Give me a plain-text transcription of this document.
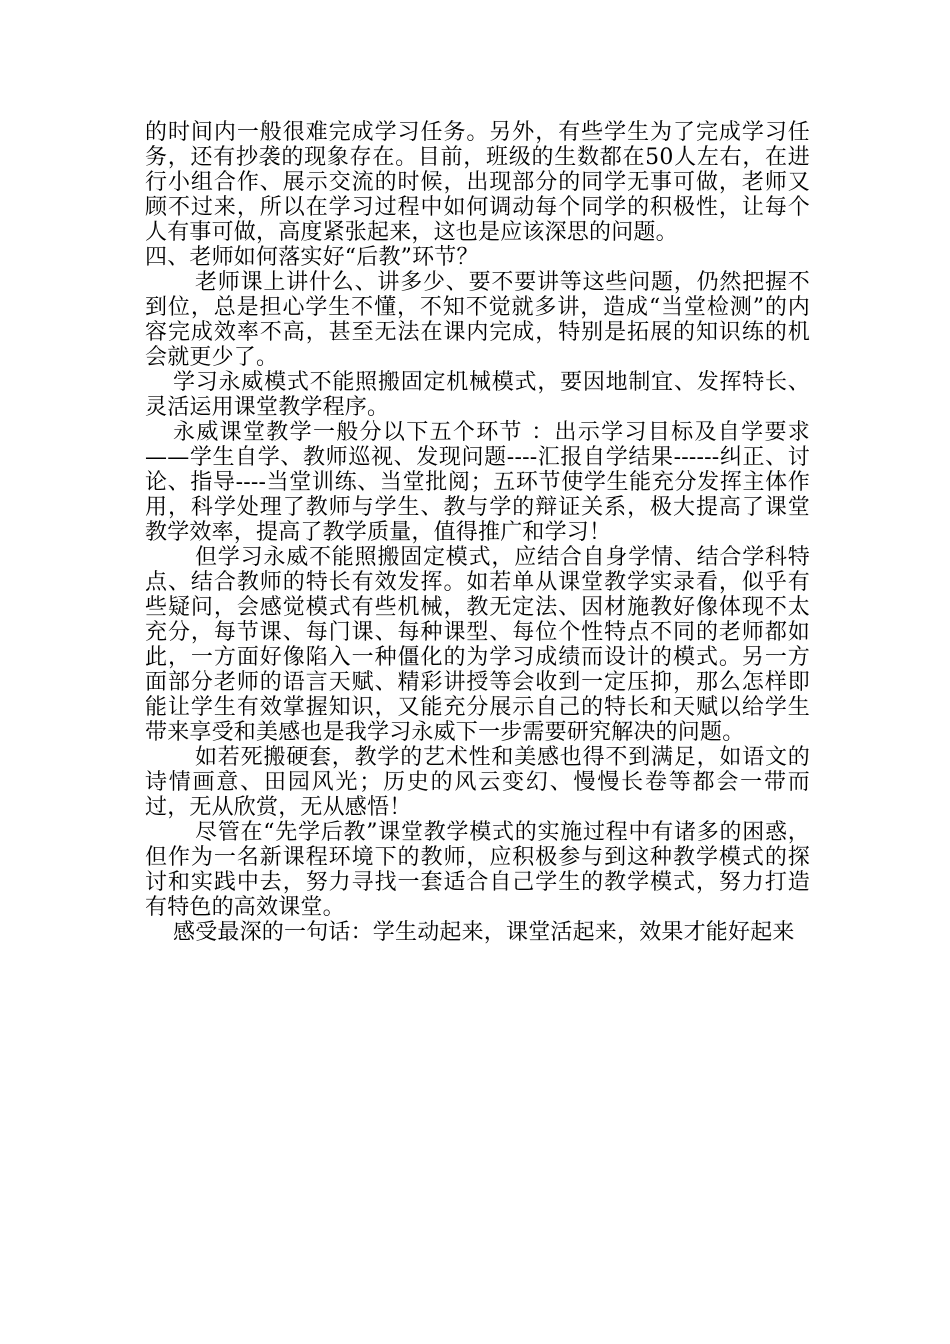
的时间内一般很难完成学习任务。另外，有些学生为了完成学习任务，还有抄袭的现象存在。目前，班级的生数都在50人左右，在进行小组合作、展示交流的时候，出现部分的同学无事可做，老师又顾不过来，所以在学习过程中如何调动每个同学的积极性，让每个人有事可做，高度紧张起来，这也是应该深思的问题。

四、老师如何落实好“后教”环节？

老师课上讲什么、讲多少、要不要讲等这些问题，仍然把握不到位，总是担心学生不懂，不知不觉就多讲，造成“当堂检测”的内容完成效率不高，甚至无法在课内完成，特别是拓展的知识练的机会就更少了。

学习永威模式不能照搬固定机械模式，要因地制宜、发挥特长、灵活运用课堂教学程序。

永威课堂教学一般分以下五个环节 ：出示学习目标及自学要求——学生自学、教师巡视、发现问题----汇报自学结果------纠正、讨论、指导----当堂训练、当堂批阅；五环节使学生能充分发挥主体作用，科学处理了教师与学生、教与学的辩证关系，极大提高了课堂教学效率，提高了教学质量，值得推广和学习！

但学习永威不能照搬固定模式，应结合自身学情、结合学科特点、结合教师的特长有效发挥。如若单从课堂教学实录看，似乎有些疑问，会感觉模式有些机械，教无定法、因材施教好像体现不太充分，每节课、每门课、每种课型、每位个性特点不同的老师都如此，一方面好像陷入一种僵化的为学习成绩而设计的模式。另一方面部分老师的语言天赋、精彩讲授等会收到一定压抑，那么怎样即能让学生有效掌握知识，又能充分展示自己的特长和天赋以给学生带来享受和美感也是我学习永威下一步需要研究解决的问题。

如若死搬硬套，教学的艺术性和美感也得不到满足，如语文的诗情画意、田园风光；历史的风云变幻、慢慢长卷等都会一带而过，无从欣赏，无从感悟！

尽管在“先学后教”课堂教学模式的实施过程中有诸多的困惑，但作为一名新课程环境下的教师，应积极参与到这种教学模式的探讨和实践中去，努力寻找一套适合自己学生的教学模式，努力打造有特色的高效课堂。

感受最深的一句话：学生动起来，课堂活起来，效果才能好起来
